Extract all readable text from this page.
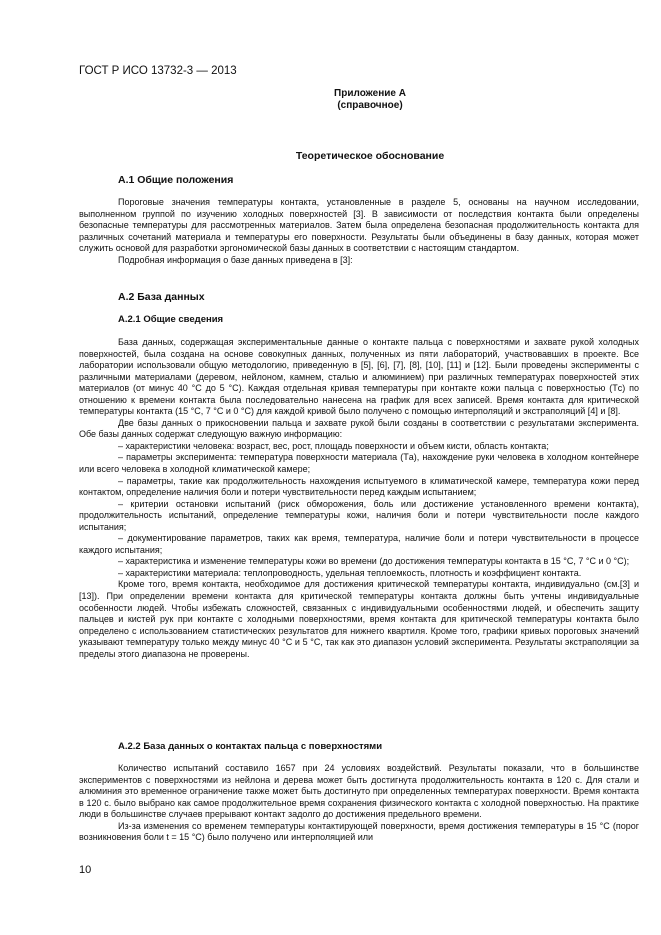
ГОСТ Р ИСО 13732-3 — 2013
Приложение А
(справочное)
Теоретическое обоснование
А.1 Общие положения

Пороговые значения температуры контакта, установленные в разделе 5, основаны на научном исследовании, выполненном группой по изучению холодных поверхностей [3]. В зависимости от последствия контакта были определены безопасные температуры для рассмотренных материалов. Затем была определена безопасная продолжительность контакта для различных сочетаний материала и температуры его поверхности. Результаты были объединены в базу данных, которая может служить основой для разработки эргономической базы данных в соответствии с настоящим стандартом.

Подробная информация о базе данных приведена в [3]:

А.2 База данных
А.2.1 Общие сведения

База данных, содержащая экспериментальные данные о контакте пальца с поверхностями и захвате рукой холодных поверхностей, была создана на основе совокупных данных, полученных из пяти лабораторий, участвовавших в проекте. Все лаборатории использовали общую методологию, приведенную в [5], [6], [7], [8], [10], [11] и [12]. Были проведены эксперименты с различными материалами (деревом, нейлоном, камнем, сталью и алюминием) при различных температурах поверхностей этих материалов (от минус 40 °С до 5 °С). Каждая отдельная кривая температуры при контакте кожи пальца с поверхностью (Tс) по отношению к времени контакта была последовательно нанесена на график для всех записей. Время контакта для критической температуры контакта (15 °С, 7 °С и 0 °С) для каждой кривой было получено с помощью интерполяций и экстраполяций [4] и [8].

Две базы данных о прикосновении пальца и захвате рукой были созданы в соответствии с результатами эксперимента. Обе базы данных содержат следующую важную информацию:

– характеристики человека: возраст, вес, рост, площадь поверхности и объем кисти, область контакта;

– параметры эксперимента: температура поверхности материала (Tа), нахождение руки человека в холодном контейнере или всего человека в холодной климатической камере;

– параметры, такие как продолжительность нахождения испытуемого в климатической камере, температура кожи перед контактом, определение наличия боли и потери чувствительности перед каждым испытанием;

– критерии остановки испытаний (риск обморожения, боль или достижение установленного времени контакта), продолжительность испытаний, определение температуры кожи, наличия боли и потери чувствительности после каждого испытания;

– документирование параметров, таких как время, температура, наличие боли и потери чувствительности в процессе каждого испытания;

– характеристика и изменение температуры кожи во времени (до достижения температуры контакта в 15 °С, 7 °С и 0 °С);

– характеристики материала: теплопроводность, удельная теплоемкость, плотность и коэффициент контакта.

Кроме того, время контакта, необходимое для достижения критической температуры контакта, индивидуально (см.[3] и [13]). При определении времени контакта для критической температуры контакта должны быть учтены индивидуальные особенности людей. Чтобы избежать сложностей, связанных с индивидуальными особенностями людей, и обеспечить защиту пальцев и кистей рук при контакте с холодными поверхностями, время контакта для критической температуры контакта было определено с использованием статистических результатов для нижнего квартиля. Кроме того, графики кривых пороговых значений указывают температуру только между минус 40 °С и 5 °С, так как это диапазон условий эксперимента. Результаты экстраполяции за пределы этого диапазона не проверены.

А.2.2 База данных о контактах пальца с поверхностями

Количество испытаний составило 1657 при 24 условиях воздействий. Результаты показали, что в большинстве экспериментов с поверхностями из нейлона и дерева может быть достигнута продолжительность контакта в 120 с. Для стали и алюминия это временное ограничение также может быть достигнуто при определенных температурах поверхности. Время контакта в 120 с. было выбрано как самое продолжительное время сохранения физического контакта с холодной поверхностью. На практике люди в большинстве случаев прерывают контакт задолго до достижения предельного времени.

Из-за изменения со временем температуры контактирующей поверхности, время достижения температуры в 15 °С (порог возникновения боли t = 15 °С) было получено или интерполяцией или

10
